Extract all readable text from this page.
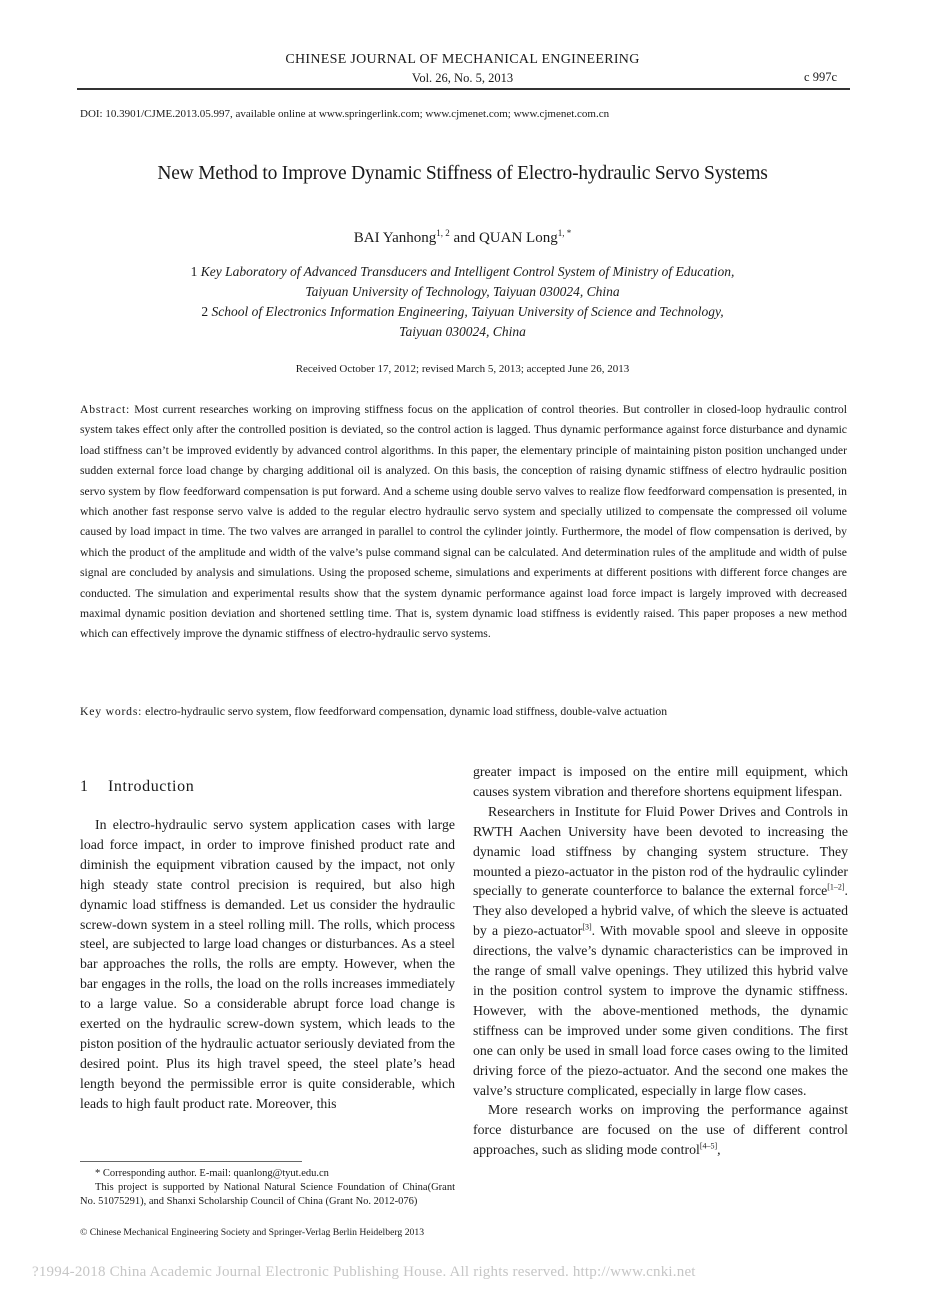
CHINESE JOURNAL OF MECHANICAL ENGINEERING
Vol. 26, No. 5, 2013	c 997c
DOI: 10.3901/CJME.2013.05.997, available online at www.springerlink.com; www.cjmenet.com; www.cjmenet.com.cn
New Method to Improve Dynamic Stiffness of Electro-hydraulic Servo Systems
BAI Yanhong$^{1, 2}$ and QUAN Long$^{1, *}$
1 Key Laboratory of Advanced Transducers and Intelligent Control System of Ministry of Education,
Taiyuan University of Technology, Taiyuan 030024, China
2 School of Electronics Information Engineering, Taiyuan University of Science and Technology,
Taiyuan 030024, China
Received October 17, 2012; revised March 5, 2013; accepted June 26, 2013
Abstract: Most current researches working on improving stiffness focus on the application of control theories. But controller in closed-loop hydraulic control system takes effect only after the controlled position is deviated, so the control action is lagged. Thus dynamic performance against force disturbance and dynamic load stiffness can’t be improved evidently by advanced control algorithms. In this paper, the elementary principle of maintaining piston position unchanged under sudden external force load change by charging additional oil is analyzed. On this basis, the conception of raising dynamic stiffness of electro hydraulic position servo system by flow feedforward compensation is put forward. And a scheme using double servo valves to realize flow feedforward compensation is presented, in which another fast response servo valve is added to the regular electro hydraulic servo system and specially utilized to compensate the compressed oil volume caused by load impact in time. The two valves are arranged in parallel to control the cylinder jointly. Furthermore, the model of flow compensation is derived, by which the product of the amplitude and width of the valve’s pulse command signal can be calculated. And determination rules of the amplitude and width of pulse signal are concluded by analysis and simulations. Using the proposed scheme, simulations and experiments at different positions with different force changes are conducted. The simulation and experimental results show that the system dynamic performance against load force impact is largely improved with decreased maximal dynamic position deviation and shortened settling time. That is, system dynamic load stiffness is evidently raised. This paper proposes a new method which can effectively improve the dynamic stiffness of electro-hydraulic servo systems.
Key words: electro-hydraulic servo system, flow feedforward compensation, dynamic load stiffness, double-valve actuation
1 Introduction

In electro-hydraulic servo system application cases with large load force impact, in order to improve finished product rate and diminish the equipment vibration caused by the impact, not only high steady state control precision is required, but also high dynamic load stiffness is demanded. Let us consider the hydraulic screw-down system in a steel rolling mill. The rolls, which process steel, are subjected to large load changes or disturbances. As a steel bar approaches the rolls, the rolls are empty. However, when the bar engages in the rolls, the load on the rolls increases immediately to a large value. So a considerable abrupt force load change is exerted on the hydraulic screw-down system, which leads to the piston position of the hydraulic actuator seriously deviated from the desired point. Plus its high travel speed, the steel plate’s head length beyond the permissible error is quite considerable, which leads to high fault product rate. Moreover, this

* Corresponding author. E-mail: quanlong@tyut.edu.cn

This project is supported by National Natural Science Foundation of China(Grant No. 51075291), and Shanxi Scholarship Council of China (Grant No. 2012-076)

© Chinese Mechanical Engineering Society and Springer-Verlag Berlin Heidelberg 2013

greater impact is imposed on the entire mill equipment, which causes system vibration and therefore shortens equipment lifespan.

Researchers in Institute for Fluid Power Drives and Controls in RWTH Aachen University have been devoted to increasing the dynamic load stiffness by changing system structure. They mounted a piezo-actuator in the piston rod of the hydraulic cylinder specially to generate counterforce to balance the external force[1–2]. They also developed a hybrid valve, of which the sleeve is actuated by a piezo-actuator[3]. With movable spool and sleeve in opposite directions, the valve’s dynamic characteristics can be improved in the range of small valve openings. They utilized this hybrid valve in the position control system to improve the dynamic stiffness. However, with the above-mentioned methods, the dynamic stiffness can be improved under some given conditions. The first one can only be used in small load force cases owing to the limited driving force of the piezo-actuator. And the second one makes the valve’s structure complicated, especially in large flow cases.

More research works on improving the performance against force disturbance are focused on the use of different control approaches, such as sliding mode control[4–5],

?1994-2018 China Academic Journal Electronic Publishing House. All rights reserved. http://www.cnki.net
